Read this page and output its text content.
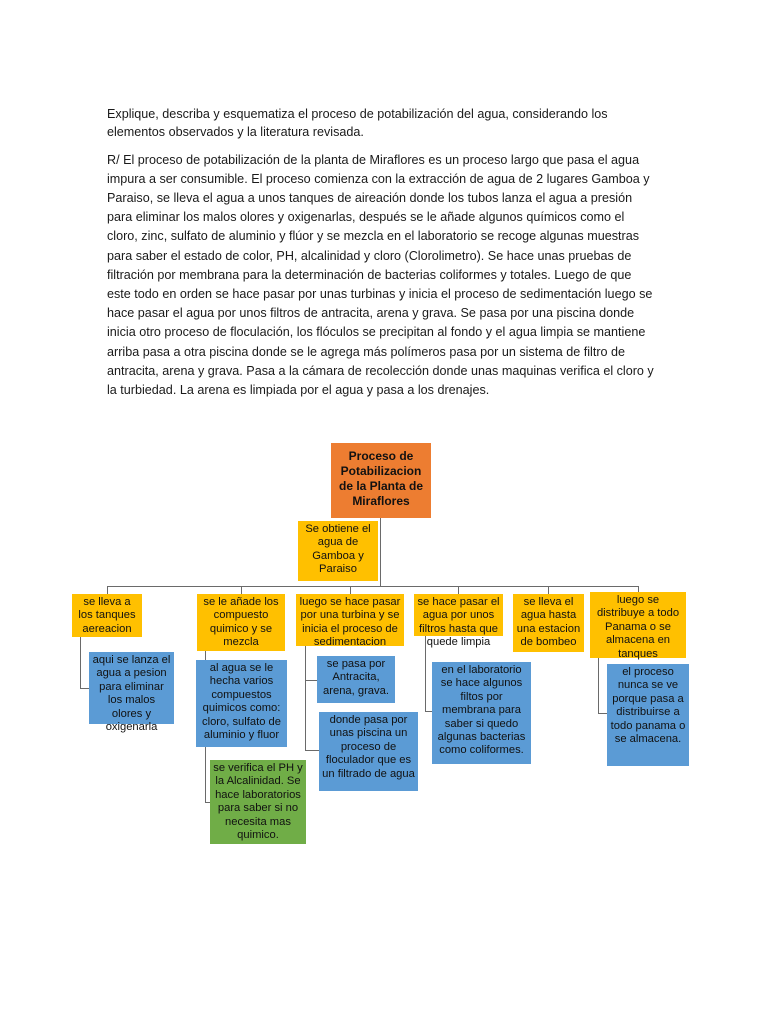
Explique, describa y esquematiza el proceso de potabilización del agua, considerando los elementos observados y la literatura revisada.

R/ El proceso de potabilización de la planta de Miraflores es un proceso largo que pasa el agua impura a ser consumible. El proceso comienza con la extracción de agua de 2 lugares Gamboa y Paraiso, se lleva el agua a unos tanques de aireación donde los tubos lanza el agua a presión para eliminar los malos olores y oxigenarlas, después se le añade algunos químicos como el cloro, zinc, sulfato de aluminio y flúor y se mezcla en el laboratorio se recoge algunas muestras para saber el estado de color, PH, alcalinidad y cloro (Clorolimetro). Se hace unas pruebas de filtración por membrana para la determinación de bacterias coliformes y totales. Luego de que este todo en orden se hace pasar por unas turbinas y inicia el proceso de sedimentación luego se hace pasar el agua por unos filtros de antracita, arena y grava. Se pasa por una piscina donde inicia otro proceso de floculación, los flóculos se precipitan al fondo y el agua limpia se mantiene arriba pasa a otra piscina donde se le agrega más polímeros pasa por un sistema de filtro de antracita, arena y grava. Pasa a la cámara de recolección donde unas maquinas verifica el cloro y la turbiedad. La arena es limpiada por el agua y pasa a los drenajes.

Proceso de Potabilizacion de la Planta de Miraflores
Se obtiene el agua de Gamboa y Paraiso
se lleva a los tanques aereacion
se le añade los compuesto quimico y se mezcla
luego se hace pasar por una turbina y se inicia el proceso de sedimentacion
se hace pasar el agua por unos filtros hasta que quede limpia
se lleva el agua hasta una estacion de bombeo
luego se distribuye a todo Panama o se almacena en tanques
aqui se lanza el agua a pesion para eliminar los malos olores y oxigenarla
al agua se le hecha varios compuestos quimicos como: cloro, sulfato de aluminio y fluor
se verifica el PH y la Alcalinidad. Se hace laboratorios para saber si no necesita mas quimico.
se pasa por Antracita, arena, grava.
donde pasa por unas piscina un proceso de floculador que es un filtrado de agua
en el laboratorio se hace algunos filtos por membrana para saber si quedo algunas bacterias como coliformes.
el proceso nunca se ve porque pasa a distribuirse a todo panama o se almacena.
